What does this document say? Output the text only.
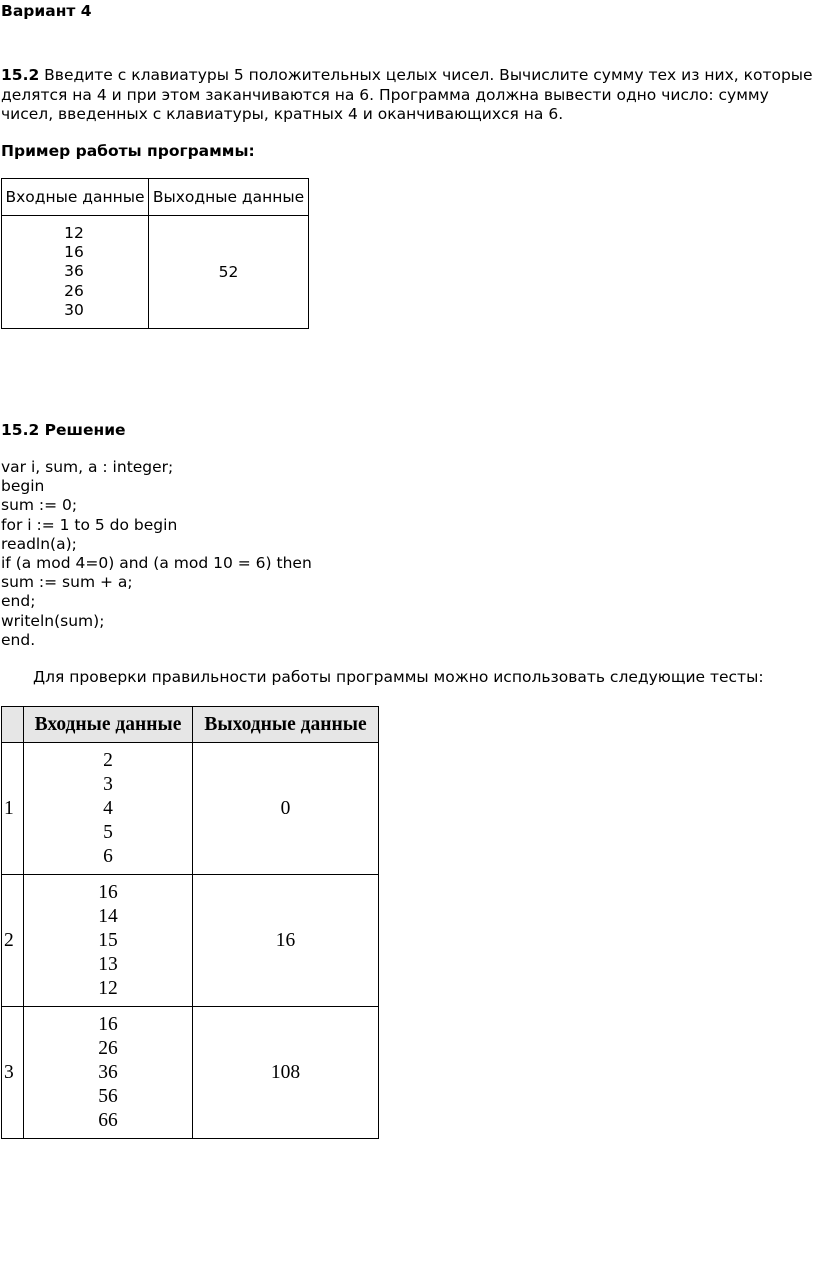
Вариант 4
15.2 Введите с клавиатуры 5 положительных целых чисел. Вычислите сумму тех из них, которые делятся на 4 и при этом заканчиваются на 6. Программа должна вывести одно число: сумму чисел, введенных с клавиатуры, кратных 4 и оканчивающихся на 6.
Пример работы программы:
Входные данные	Выходные данные

12
16
36
26
30	52
15.2 Решение
var i, sum, a : integer;
begin
sum := 0;
for i := 1 to 5 do begin
readln(a);
if (a mod 4=0) and (a mod 10 = 6) then
sum := sum + a;
end;
writeln(sum);
end.
Для проверки правильности работы программы можно использовать следующие тесты:
	Входные данные	Выходные данные
1	2
3
4
5
6	0
2	16
14
15
13
12	16
3	16
26
36
56
66	108
